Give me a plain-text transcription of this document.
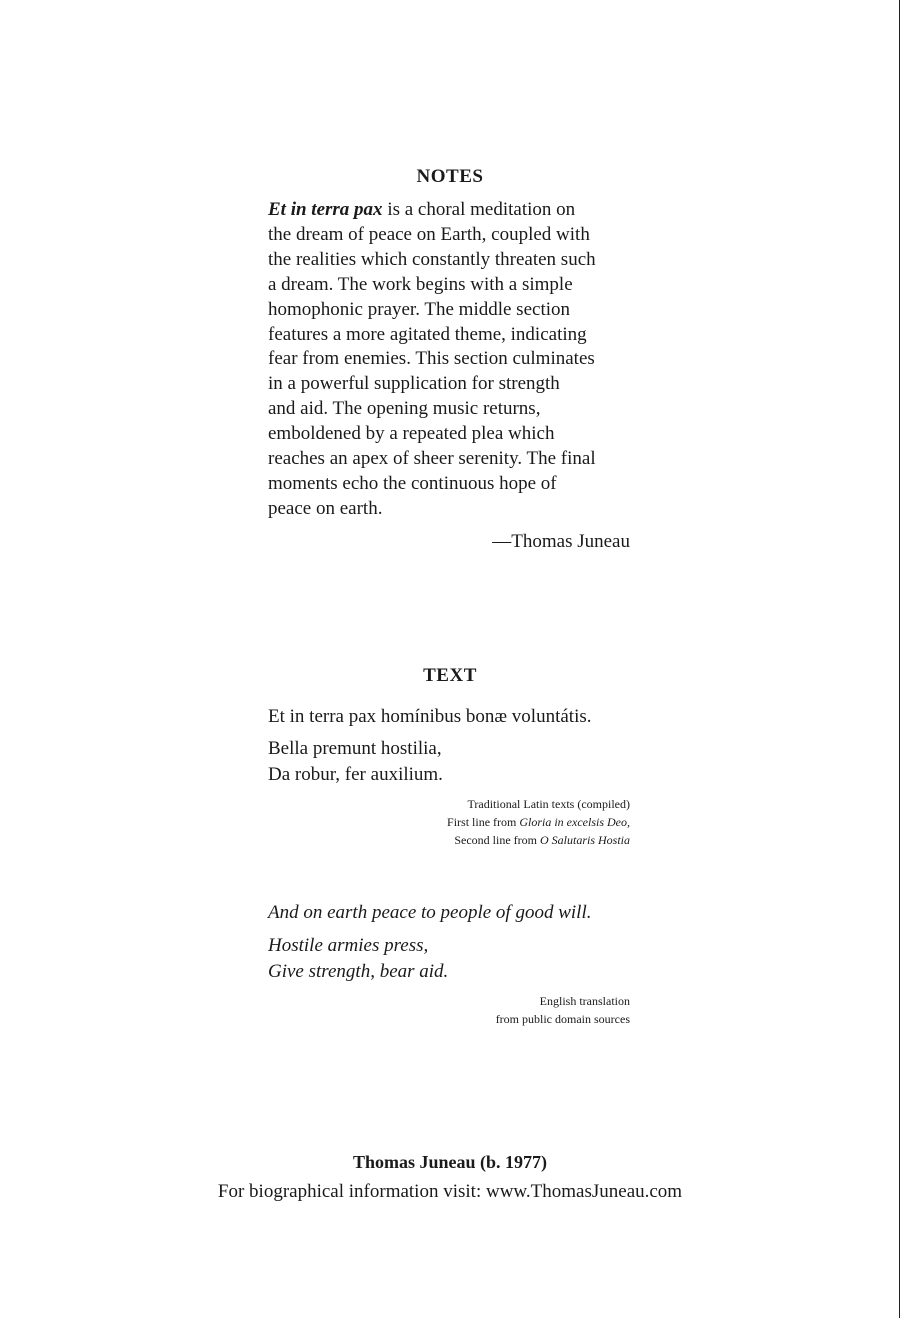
NOTES
Et in terra pax is a choral meditation on
the dream of peace on Earth, coupled with
the realities which constantly threaten such
a dream. The work begins with a simple
homophonic prayer. The middle section
features a more agitated theme, indicating
fear from enemies. This section culminates
in a powerful supplication for strength
and aid. The opening music returns,
emboldened by a repeated plea which
reaches an apex of sheer serenity. The final
moments echo the continuous hope of
peace on earth.
—Thomas Juneau
TEXT
Et in terra pax homínibus bonæ voluntátis.
Bella premunt hostilia,
Da robur, fer auxilium.
Traditional Latin texts (compiled)
First line from Gloria in excelsis Deo,
Second line from O Salutaris Hostia
And on earth peace to people of good will.
Hostile armies press,
Give strength, bear aid.
English translation
from public domain sources
Thomas Juneau (b. 1977)
For biographical information visit: www.ThomasJuneau.com
